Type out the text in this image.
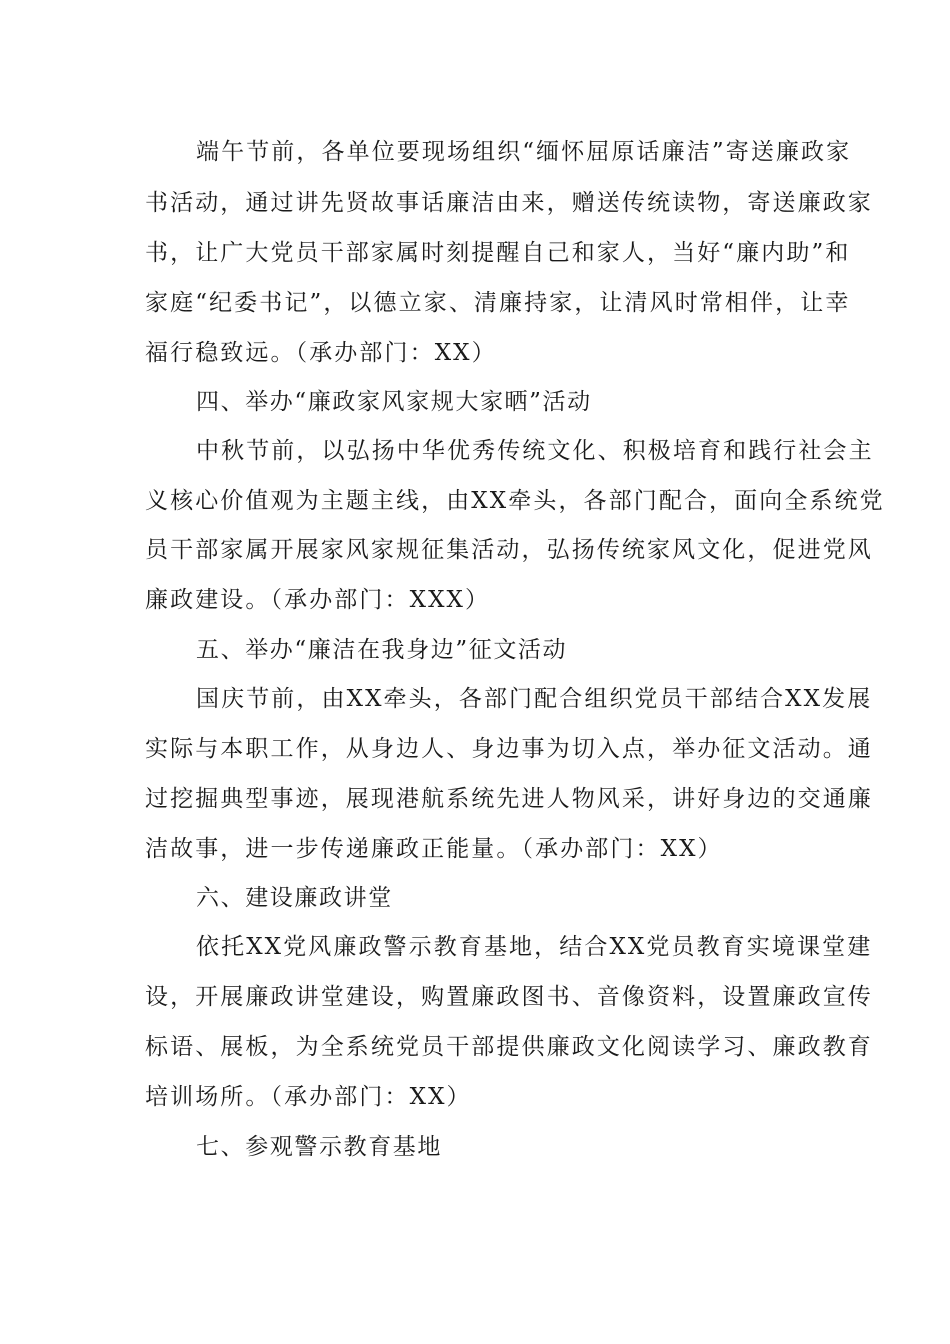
端午节前，各单位要现场组织“缅怀屈原话廉洁”寄送廉政家
书活动，通过讲先贤故事话廉洁由来，赠送传统读物，寄送廉政家
书，让广大党员干部家属时刻提醒自己和家人，当好“廉内助”和
家庭“纪委书记”，以德立家、清廉持家，让清风时常相伴，让幸
福行稳致远。（承办部门：XX）
四、举办“廉政家风家规大家晒”活动
中秋节前，以弘扬中华优秀传统文化、积极培育和践行社会主
义核心价值观为主题主线，由XX牵头，各部门配合，面向全系统党
员干部家属开展家风家规征集活动，弘扬传统家风文化，促进党风
廉政建设。（承办部门：XXX）
五、举办“廉洁在我身边”征文活动
国庆节前，由XX牵头，各部门配合组织党员干部结合XX发展
实际与本职工作，从身边人、身边事为切入点，举办征文活动。通
过挖掘典型事迹，展现港航系统先进人物风采，讲好身边的交通廉
洁故事，进一步传递廉政正能量。（承办部门：XX）
六、建设廉政讲堂
依托XX党风廉政警示教育基地，结合XX党员教育实境课堂建
设，开展廉政讲堂建设，购置廉政图书、音像资料，设置廉政宣传
标语、展板，为全系统党员干部提供廉政文化阅读学习、廉政教育
培训场所。（承办部门：XX）
七、参观警示教育基地
